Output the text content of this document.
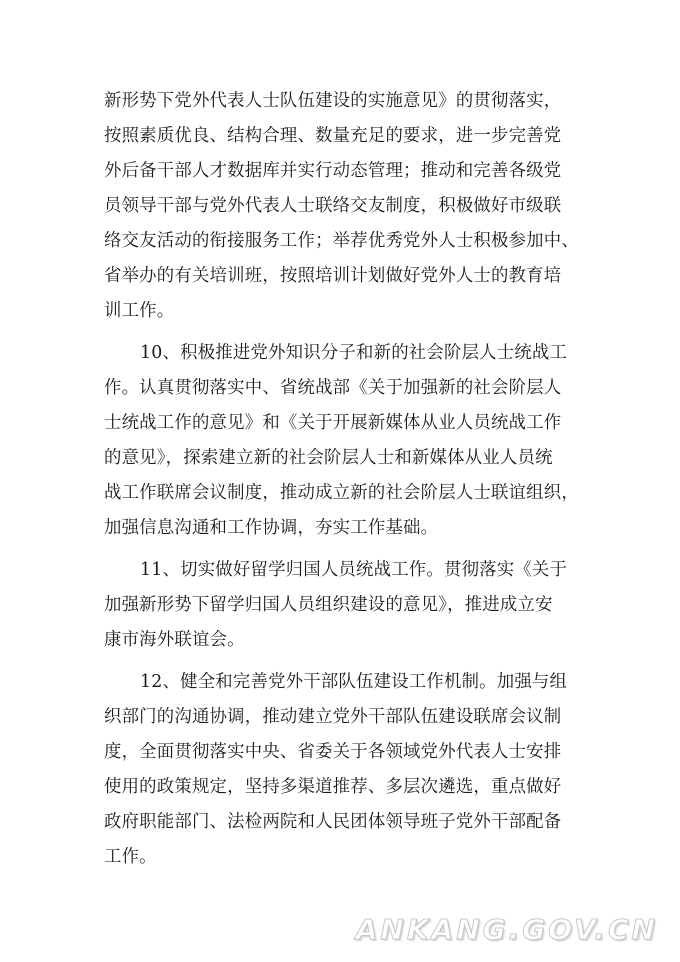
新形势下党外代表人士队伍建设的实施意见》的贯彻落实，
按照素质优良、结构合理、数量充足的要求，进一步完善党
外后备干部人才数据库并实行动态管理；推动和完善各级党
员领导干部与党外代表人士联络交友制度，积极做好市级联
络交友活动的衔接服务工作；举荐优秀党外人士积极参加中、
省举办的有关培训班，按照培训计划做好党外人士的教育培
训工作。
10、积极推进党外知识分子和新的社会阶层人士统战工
作。认真贯彻落实中、省统战部《关于加强新的社会阶层人
士统战工作的意见》和《关于开展新媒体从业人员统战工作
的意见》，探索建立新的社会阶层人士和新媒体从业人员统
战工作联席会议制度，推动成立新的社会阶层人士联谊组织，
加强信息沟通和工作协调，夯实工作基础。
11、切实做好留学归国人员统战工作。贯彻落实《关于
加强新形势下留学归国人员组织建设的意见》，推进成立安
康市海外联谊会。
12、健全和完善党外干部队伍建设工作机制。加强与组
织部门的沟通协调，推动建立党外干部队伍建设联席会议制
度，全面贯彻落实中央、省委关于各领域党外代表人士安排
使用的政策规定，坚持多渠道推荐、多层次遴选，重点做好
政府职能部门、法检两院和人民团体领导班子党外干部配备
工作。
ANKANG.GOV.CN
